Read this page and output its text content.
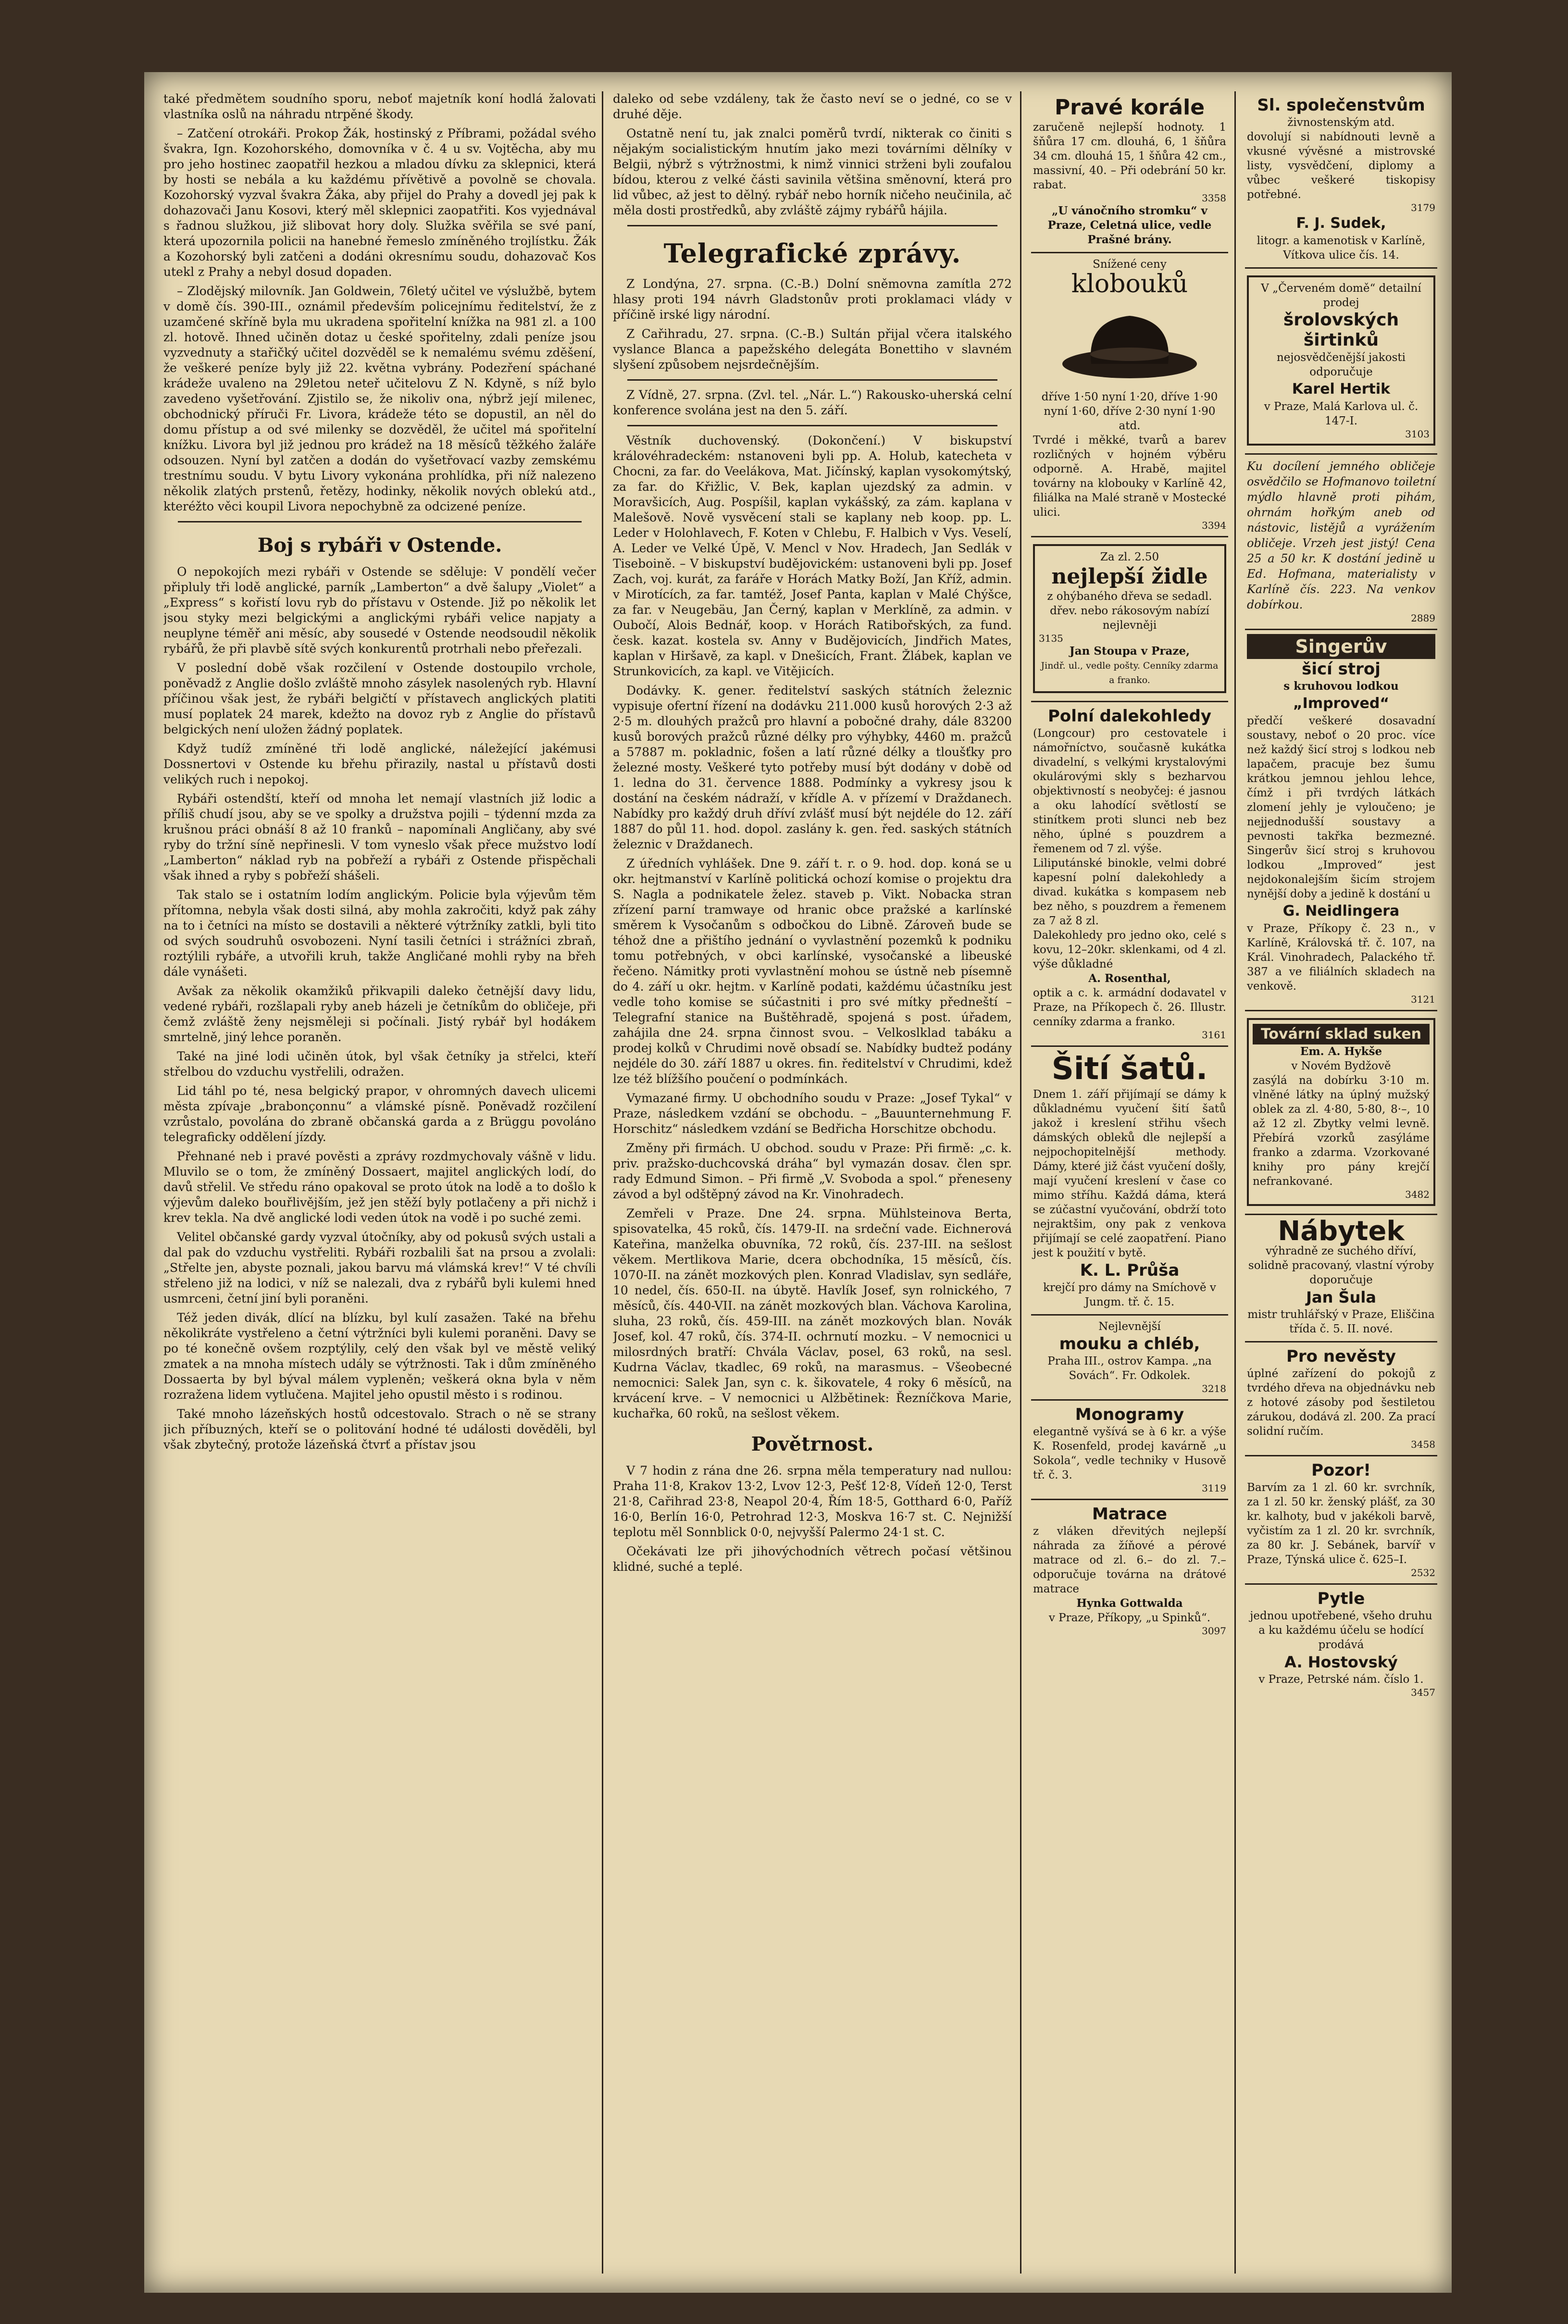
také předmětem soudního sporu, neboť majetník koní hodlá žalovati vlastníka oslů na náhradu ntrpěné škody.

– Zatčení otrokáři. Prokop Žák, hostinský z Příbrami, požádal svého švakra, Ign. Kozohorského, domovníka v č. 4 u sv. Vojtěcha, aby mu pro jeho hostinec zaopatřil hezkou a mladou dívku za sklepnici, která by hosti se nebála a ku každému přívětivě a povolně se chovala. Kozohorský vyzval švakra Žáka, aby přijel do Prahy a dovedl jej pak k dohazovači Janu Kosovi, který měl sklepnici zaopatřiti. Kos vyjednával s řadnou služkou, již slibovat hory doly. Služka svěřila se své paní, která upozornila policii na hanebné řemeslo zmíněného trojlístku. Žák a Kozohorský byli zatčeni a dodáni okresnímu soudu, dohazovač Kos utekl z Prahy a nebyl dosud dopaden.

– Zlodějský milovník. Jan Goldwein, 76letý učitel ve výslužbě, bytem v domě čís. 390-III., oznámil především policejnímu ředitelství, že z uzamčené skříně byla mu ukradena spořitelní knížka na 981 zl. a 100 zl. hotově. Ihned učiněn dotaz u české spořitelny, zdali peníze jsou vyzvednuty a stařičký učitel dozvěděl se k nemalému svému zděšení, že veškeré peníze byly již 22. května vybrány. Podezření spáchané krádeže uvaleno na 29letou neteř učitelovu Z N. Kdyně, s níž bylo zavedeno vyšetřování. Zjistilo se, že nikoliv ona, nýbrž její milenec, obchodnický příruči Fr. Livora, krádeže této se dopustil, an něl do domu přístup a od své milenky se dozvěděl, že učitel má spořitelní knížku. Livora byl již jednou pro krádež na 18 měsíců těžkého žaláře odsouzen. Nyní byl zatčen a dodán do vyšetřovací vazby zemskému trestnímu soudu. V bytu Livory vykonána prohlídka, při níž nalezeno několik zlatých prstenů, řetězy, hodinky, několik nových oblekú atd., kteréžto věci koupil Livora nepochybně za odcizené peníze.

Boj s rybáři v Ostende.

O nepokojích mezi rybáři v Ostende se sděluje: V pondělí večer připluly tři lodě anglické, parník „Lamberton“ a dvě šalupy „Violet“ a „Express“ s kořistí lovu ryb do přístavu v Ostende. Již po několik let jsou styky mezi belgickými a anglickými rybáři velice napjaty a neuplyne téměř ani měsíc, aby sousedé v Ostende neodsoudil několik rybářů, že při plavbě sítě svých konkurentů protrhali nebo přeřezali.

V poslední době však rozčilení v Ostende dostoupilo vrchole, poněvadž z Anglie došlo zvláště mnoho zásylek nasolených ryb. Hlavní příčinou však jest, že rybáři belgičtí v přístavech anglických platiti musí poplatek 24 marek, kdežto na dovoz ryb z Anglie do přístavů belgických není uložen žádný poplatek.

Když tudíž zmíněné tři lodě anglické, náležející jakémusi Dossnertovi v Ostende ku břehu přirazily, nastal u přístavů dosti velikých ruch i nepokoj.

Rybáři ostendští, kteří od mnoha let nemají vlastních již lodic a příliš chudí jsou, aby se ve spolky a družstva pojili – týdenní mzda za krušnou práci obnáší 8 až 10 franků – napomínali Angličany, aby své ryby do tržní síně nepřinesli. V tom vyneslo však přece mužstvo lodí „Lamberton“ náklad ryb na pobřeží a rybáři z Ostende přispěchali však ihned a ryby s pobřeží shášeli.

Tak stalo se i ostatním lodím anglickým. Policie byla výjevům těm přítomna, nebyla však dosti silná, aby mohla zakročiti, když pak záhy na to i četníci na místo se dostavili a některé výtržníky zatkli, byli tito od svých soudruhů osvobozeni. Nyní tasili četníci i strážníci zbraň, roztýlili rybáře, a utvořili kruh, takže Angličané mohli ryby na břeh dále vynášeti.

Avšak za několik okamžiků přikvapili daleko četnější davy lidu, vedené rybáři, rozšlapali ryby aneb házeli je četníkům do obličeje, při čemž zvláště ženy nejsměleji si počínali. Jistý rybář byl hodákem smrtelně, jiný lehce poraněn.

Také na jiné lodi učiněn útok, byl však četníky ja střelci, kteří střelbou do vzduchu vystřelili, odražen.

Lid táhl po té, nesa belgický prapor, v ohromných davech ulicemi města zpívaje „brabonçonnu“ a vlámské písně. Poněvadž rozčilení vzrůstalo, povolána do zbraně občanská garda a z Brüggu povoláno telegraficky oddělení jízdy.

Přehnané neb i pravé pověsti a zprávy rozdmychovaly vášně v lidu. Mluvilo se o tom, že zmíněný Dossaert, majitel anglických lodí, do davů střelil. Ve středu ráno opakoval se proto útok na lodě a to došlo k výjevům daleko bouřlivějším, jež jen stěží byly potlačeny a při nichž i krev tekla. Na dvě anglické lodi veden útok na vodě i po suché zemi.

Velitel občanské gardy vyzval útočníky, aby od pokusů svých ustali a dal pak do vzduchu vystřeliti. Rybáři rozbalili šat na prsou a zvolali: „Střelte jen, abyste poznali, jakou barvu má vlámská krev!“ V té chvíli střeleno již na lodici, v níž se nalezali, dva z rybářů byli kulemi hned usmrceni, četní jiní byli poraněni.

Též jeden divák, dlící na blízku, byl kulí zasažen. Také na břehu několikráte vystřeleno a četní výtržníci byli kulemi poraněni. Davy se po té konečně ovšem rozptýlily, celý den však byl ve městě veliký zmatek a na mnoha místech udály se výtržnosti. Tak i dům zmíněného Dossaerta by byl býval málem vypleněn; veškerá okna byla v něm rozražena lidem vytlučena. Majitel jeho opustil město i s rodinou.

Také mnoho lázeňských hostů odcestovalo. Strach o ně se strany jich příbuzných, kteří se o politování hodné té události dověděli, byl však zbytečný, protože lázeňská čtvrť a přístav jsou

daleko od sebe vzdáleny, tak že často neví se o jedné, co se v druhé děje.

Ostatně není tu, jak znalci poměrů tvrdí, nikterak co činiti s nějakým socialistickým hnutím jako mezi továrními dělníky v Belgii, nýbrž s výtržnostmi, k nimž vinnici strženi byli zoufalou bídou, kterou z velké části savinila většina směnovní, která pro lid vůbec, až jest to dělný. rybář nebo horník ničeho neučinila, ač měla dosti prostředků, aby zvláště zájmy rybářů hájila.

Telegrafické zprávy.

Z Londýna, 27. srpna. (C.-B.) Dolní sněmovna zamítla 272 hlasy proti 194 návrh Gladstonův proti proklamaci vlády v příčině irské ligy národní.

Z Cařihradu, 27. srpna. (C.-B.) Sultán přijal včera italského vyslance Blanca a papežského delegáta Bonettiho v slavném slyšení způsobem nejsrdečnějším.

Z Vídně, 27. srpna. (Zvl. tel. „Nár. L.“) Rakousko-uherská celní konference svolána jest na den 5. září.

Věstník duchovenský. (Dokončení.) V biskupství královéhradeckém: nstanoveni byli pp. A. Holub, katecheta v Chocni, za far. do Veelákova, Mat. Jičínský, kaplan vysokomýtský, za far. do Křižlic, V. Bek, kaplan ujezdský za admin. v Moravšicích, Aug. Pospíšil, kaplan vykášský, za zám. kaplana v Malešově. Nově vysvěcení stali se kaplany neb koop. pp. L. Leder v Holohlavech, F. Koten v Chlebu, F. Halbich v Vys. Veselí, A. Leder ve Velké Úpě, V. Mencl v Nov. Hradech, Jan Sedlák v Tiseboině. – V biskupství budějovickém: ustanoveni byli pp. Josef Zach, voj. kurát, za faráře v Horách Matky Boží, Jan Kříž, admin. v Mirotících, za far. tamtéž, Josef Panta, kaplan v Malé Chýšce, za far. v Neugebäu, Jan Černý, kaplan v Merklíně, za admin. v Oubočí, Alois Bednář, koop. v Horách Ratibořských, za fund. česk. kazat. kostela sv. Anny v Budějovicích, Jindřich Mates, kaplan v Hiršavě, za kapl. v Dnešicích, Frant. Žlábek, kaplan ve Strunkovicích, za kapl. ve Vitějicích.

Dodávky. K. gener. ředitelství saských státních železnic vypisuje ofertní řízení na dodávku 211.000 kusů horových 2·3 až 2·5 m. dlouhých pražců pro hlavní a pobočné drahy, dále 83200 kusů borových pražců různé délky pro výhybky, 4460 m. pražců a 57887 m. pokladnic, fošen a latí různé délky a tloušťky pro železné mosty. Veškeré tyto potřeby musí být dodány v době od 1. ledna do 31. července 1888. Podmínky a vykresy jsou k dostání na českém nádraží, v křídle A. v přízemí v Draždanech. Nabídky pro každý druh dříví zvlášť musí být nejdéle do 12. září 1887 do půl 11. hod. dopol. zaslány k. gen. řed. saských státních železnic v Draždanech.

Z úředních vyhlášek. Dne 9. září t. r. o 9. hod. dop. koná se u okr. hejtmanství v Karlíně politická ochozí komise o projektu dra S. Nagla a podnikatele želez. staveb p. Vikt. Nobacka stran zřízení parní tramwaye od hranic obce pražské a karlínské směrem k Vysočanům s odbočkou do Libně. Zároveň bude se téhož dne a přištího jednání o vyvlastnění pozemků k podniku tomu potřebných, v obci karlínské, vysočanské a libeuské řečeno. Námitky proti vyvlastnění mohou se ústně neb písemně do 4. září u okr. hejtm. v Karlíně podati, každému účastníku jest vedle toho komise se súčastniti i pro své mítky předneští – Telegrafní stanice na Buštěhradě, spojená s post. úřadem, zahájila dne 24. srpna činnost svou. – Velkoslklad tabáku a prodej kolků v Chrudimi nově obsadí se. Nabídky budtež podány nejdéle do 30. září 1887 u okres. fin. ředitelství v Chrudimi, kdež lze též blížšího poučení o podmínkách.

Vymazané firmy. U obchodního soudu v Praze: „Josef Tykal“ v Praze, následkem vzdání se obchodu. – „Bauunternehmung F. Horschitz“ následkem vzdání se Bedřicha Horschitze obchodu.

Změny při firmách. U obchod. soudu v Praze: Při firmě: „c. k. priv. pražsko-duchcovská dráha“ byl vymazán dosav. člen spr. rady Edmund Simon. – Při firmě „V. Svoboda a spol.“ přeneseny závod a byl odštěpný závod na Kr. Vinohradech.

Zemřeli v Praze. Dne 24. srpna. Mühlsteinova Berta, spisovatelka, 45 roků, čís. 1479-II. na srdeční vade. Eichnerová Kateřina, manželka obuvníka, 72 roků, čís. 237-III. na sešlost věkem. Mertlikova Marie, dcera obchodníka, 15 měsíců, čís. 1070-II. na zánět mozkových plen. Konrad Vladislav, syn sedláře, 10 nedel, čís. 650-II. na úbytě. Havlík Josef, syn rolnického, 7 měsíců, čís. 440-VII. na zánět mozkových blan. Váchova Karolina, sluha, 23 roků, čís. 459-III. na zánět mozkových blan. Novák Josef, kol. 47 roků, čís. 374-II. ochrnutí mozku. – V nemocnici u milosrdných bratří: Chvála Václav, posel, 63 roků, na sesl. Kudrna Václav, tkadlec, 69 roků, na marasmus. – Všeobecné nemocnici: Salek Jan, syn c. k. šikovatele, 4 roky 6 měsíců, na krvácení krve. – V nemocnici u Alžbětinek: Řezníčkova Marie, kuchařka, 60 roků, na sešlost věkem.

Povětrnost.

V 7 hodin z rána dne 26. srpna měla temperatury nad nullou: Praha 11·8, Krakov 13·2, Lvov 12·3, Pešť 12·8, Vídeň 12·0, Terst 21·8, Cařihrad 23·8, Neapol 20·4, Řím 18·5, Gotthard 6·0, Paříž 16·0, Berlín 16·0, Petrohrad 12·3, Moskva 16·7 st. C. Nejnižší teplotu měl Sonnblick 0·0, nejvyšší Palermo 24·1 st. C.

Očekávati lze při jihovýchodních větrech počasí většinou klidné, suché a teplé.

Pravé korále
zaručeně nejlepší hodnoty. 1 šňůra 17 cm. dlouhá, 6, 1 šňůra 34 cm. dlouhá 15, 1 šňůra 42 cm., massivní, 40. – Při odebrání 50 kr. rabat.
3358
„U vánočního stromku“ v Praze, Celetná ulice, vedle Prašné brány.
Snížené ceny
klobouků
dříve 1·50 nyní 1·20, dříve 1·90 nyní 1·60, dříve 2·30 nyní 1·90 atd.
Tvrdé i měkké, tvarů a barev rozličných v hojném výběru odporně. A. Hrabě, majitel továrny na klobouky v Karlíně 42, filiálka na Malé straně v Mostecké ulici.
3394
Za zl. 2.50
nejlepší židle
z ohýbaného dřeva se sedadl. dřev. nebo rákosovým nabízí nejlevněji
3135
Jan Stoupa v Praze,
Jindř. ul., vedle pošty. Cenníky zdarma a franko.
Polní dalekohledy
(Longcour) pro cestovatele i námořníctvo, současně kukátka divadelní, s velkými krystalovými okulárovými skly s bezharvou objektivností s neobyčej: é jasnou a oku lahodící světlostí se stinítkem proti slunci neb bez něho, úplné s pouzdrem a řemenem od 7 zl. výše.
Liliputánské binokle, velmi dobré kapesní polní dalekohledy a divad. kukátka s kompasem neb bez něho, s pouzdrem a řemenem za 7 až 8 zl.
Dalekohledy pro jedno oko, celé s kovu, 12–20kr. sklenkami, od 4 zl. výše důkladné
A. Rosenthal,
optik a c. k. armádní dodavatel v Praze, na Příkopech č. 26. Illustr. cenníky zdarma a franko.
3161
Šití šatů.
Dnem 1. září přijímají se dámy k důkladnému vyučení šití šatů jakož i kreslení střihu všech dámských obleků dle nejlepší a nejpochopitelnější methody. Dámy, které již část vyučení došly, mají vyučení kreslení v čase co mimo stříhu. Každá dáma, která se zúčastní vyučování, obdrží toto nejraktšim, ony pak z venkova přijímají se celé zaopatření. Piano jest k použití v bytě.
K. L. Průša
krejčí pro dámy na Smíchově v Jungm. tř. č. 15.
Nejlevnější
mouku a chléb,
Praha III., ostrov Kampa. „na Sovách“. Fr. Odkolek.
3218
Monogramy
elegantně vyšívá se à 6 kr. a výše K. Rosenfeld, prodej kavárně „u Sokola“, vedle techniky v Husově tř. č. 3.
3119
Matrace
z vláken dřevitých nejlepší náhrada za žíňové a pérové matrace od zl. 6.– do zl. 7.– odporučuje továrna na drátové matrace
Hynka Gottwalda
v Praze, Příkopy, „u Spinků“.
3097
Sl. společenstvům
živnostenským atd.
dovolují si nabídnouti levně a vkusné vývěsné a mistrovské listy, vysvědčení, diplomy a vůbec veškeré tiskopisy potřebné.
3179
F. J. Sudek,
litogr. a kamenotisk v Karlíně, Vítkova ulice čís. 14.
V „Červeném domě“ detailní prodej
šrolovských širtinků
nejosvědčenější jakosti odporučuje
Karel Hertik
v Praze, Malá Karlova ul. č. 147-I.
3103
Ku docílení jemného obličeje osvědčilo se Hofmanovo toiletní mýdlo hlavně proti pihám, ohrnám hořkým aneb od nástovic, listějů a vyrážením obličeje. Vrzeh jest jistý! Cena 25 a 50 kr. K dostání jedině u Ed. Hofmana, materialisty v Karlíně čís. 223. Na venkov dobírkou.
2889
Singerův
šicí stroj
s kruhovou lodkou
„Improved“
předčí veškeré dosavadní soustavy, neboť o 20 proc. více než každý šicí stroj s lodkou neb lapačem, pracuje bez šumu krátkou jemnou jehlou lehce, čímž i při tvrdých látkách zlomení jehly je vyloučeno; je nejjednodušší soustavy a pevnosti takřka bezmezné. Singerův šicí stroj s kruhovou lodkou „Improved“ jest nejdokonalejším šicím strojem nynější doby a jedině k dostání u
G. Neidlingera
v Praze, Příkopy č. 23 n., v Karlíně, Královská tř. č. 107, na Král. Vinohradech, Palackého tř. 387 a ve filiálních skladech na venkově.
3121
Tovární sklad suken
Em. A. Hykše
v Novém Bydžově
zasýlá na dobírku 3·10 m. vlněné látky na úplný mužský oblek za zl. 4·80, 5·80, 8·–, 10 až 12 zl. Zbytky velmi levně. Přebírá vzorků zasýláme franko a zdarma. Vzorkované knihy pro pány krejčí nefrankované.
3482
Nábytek
výhradně ze suchého dříví, solidně pracovaný, vlastní výroby doporučuje
Jan Šula
mistr truhlářský v Praze, Eliščina třída č. 5. II. nové.
Pro nevěsty
úplné zařízení do pokojů z tvrdého dřeva na objednávku neb z hotové zásoby pod šestiletou zárukou, dodává zl. 200. Za prací solidní ručím.
3458
Pozor!
Barvím za 1 zl. 60 kr. svrchník, za 1 zl. 50 kr. ženský plášť, za 30 kr. kalhoty, bud v jakékoli barvě, vyčistím za 1 zl. 20 kr. svrchník, za 80 kr. J. Sebánek, barvíř v Praze, Týnská ulice č. 625–I.
2532
Pytle
jednou upotřebené, všeho druhu a ku každému účelu se hodící prodává
A. Hostovský
v Praze, Petrské nám. číslo 1.
3457
